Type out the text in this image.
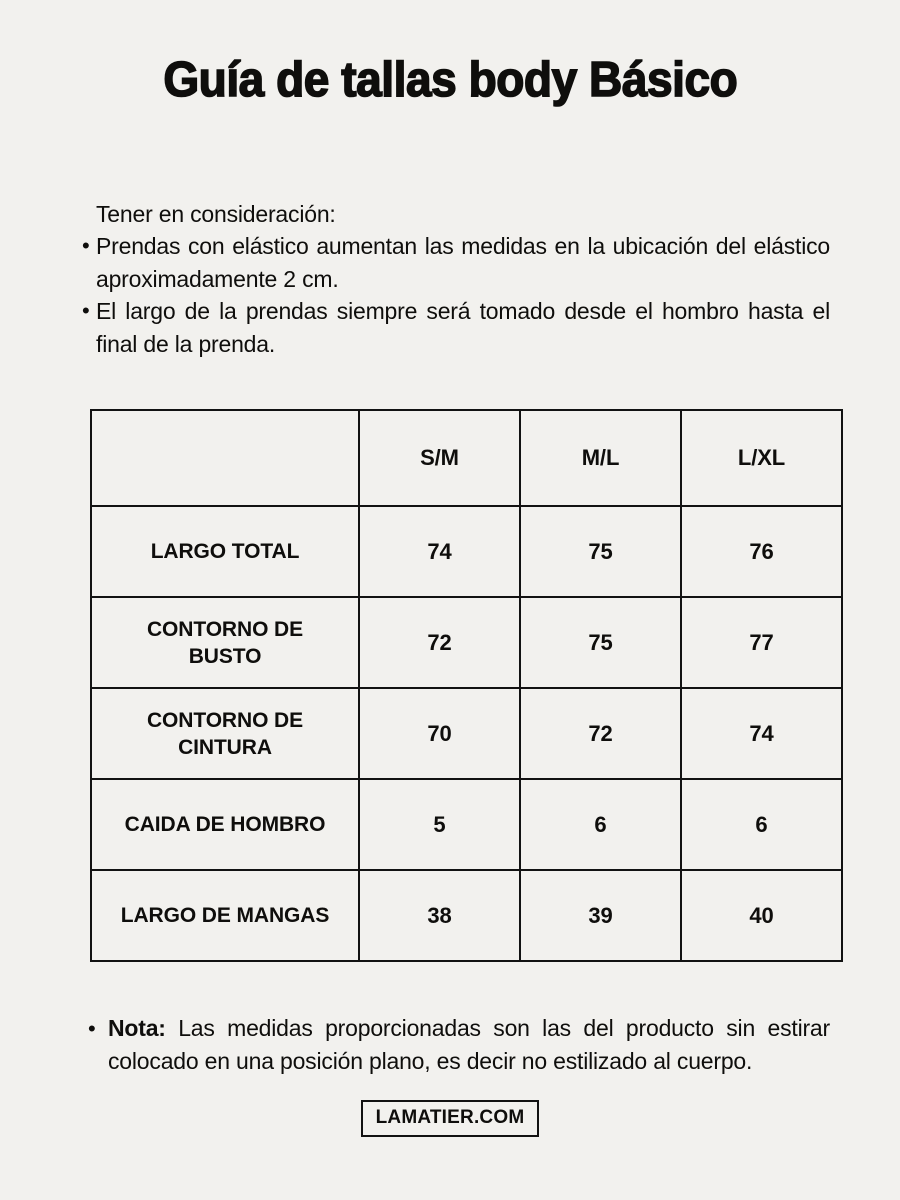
Guía de tallas body Básico

Tener en consideración:

• Prendas con elástico aumentan las medidas en la ubicación del elástico aproximadamente 2 cm.

• El largo de la prendas siempre será tomado desde el hombro hasta el final de la prenda.

	S/M	M/L	L/XL
LARGO TOTAL	74	75	76
CONTORNO DE BUSTO	72	75	77
CONTORNO DE CINTURA	70	72	74
CAIDA DE HOMBRO	5	6	6
LARGO DE MANGAS	38	39	40
• Nota: Las medidas proporcionadas son las del producto sin estirar colocado en una posición plano, es decir no estilizado al cuerpo.

LAMATIER.COM
